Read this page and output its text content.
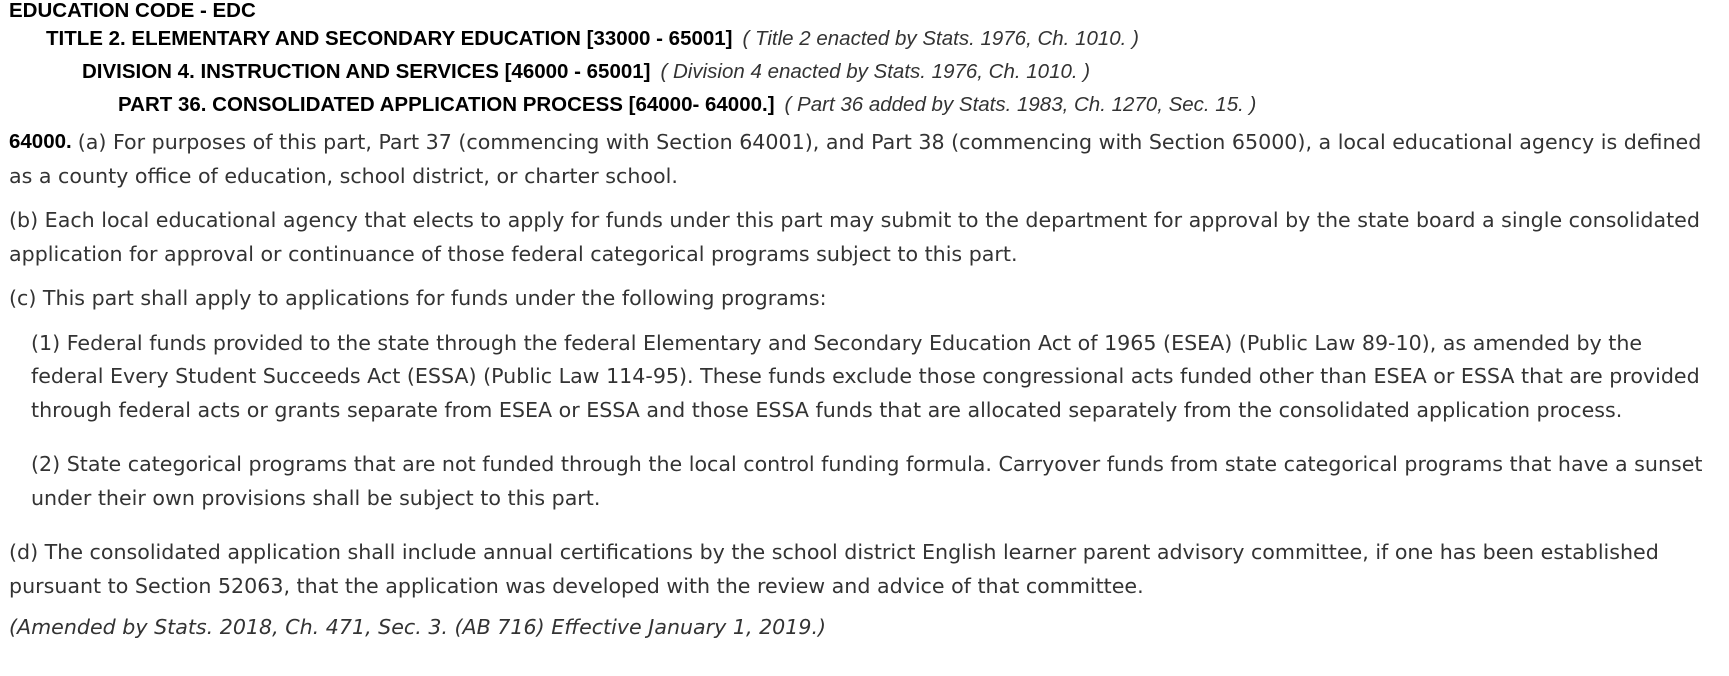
EDUCATION CODE - EDC
TITLE 2. ELEMENTARY AND SECONDARY EDUCATION [33000 - 65001] ( Title 2 enacted by Stats. 1976, Ch. 1010. )
DIVISION 4. INSTRUCTION AND SERVICES [46000 - 65001] ( Division 4 enacted by Stats. 1976, Ch. 1010. )
PART 36. CONSOLIDATED APPLICATION PROCESS [64000- 64000.] ( Part 36 added by Stats. 1983, Ch. 1270, Sec. 15. )

64000. (a) For purposes of this part, Part 37 (commencing with Section 64001), and Part 38 (commencing with Section 65000), a local educational agency is defined as a county office of education, school district, or charter school.

(b) Each local educational agency that elects to apply for funds under this part may submit to the department for approval by the state board a single consolidated application for approval or continuance of those federal categorical programs subject to this part.

(c) This part shall apply to applications for funds under the following programs:

(1) Federal funds provided to the state through the federal Elementary and Secondary Education Act of 1965 (ESEA) (Public Law 89-10), as amended by the federal Every Student Succeeds Act (ESSA) (Public Law 114-95). These funds exclude those congressional acts funded other than ESEA or ESSA that are provided through federal acts or grants separate from ESEA or ESSA and those ESSA funds that are allocated separately from the consolidated application process.

(2) State categorical programs that are not funded through the local control funding formula. Carryover funds from state categorical programs that have a sunset under their own provisions shall be subject to this part.

(d) The consolidated application shall include annual certifications by the school district English learner parent advisory committee, if one has been established pursuant to Section 52063, that the application was developed with the review and advice of that committee.

(Amended by Stats. 2018, Ch. 471, Sec. 3. (AB 716) Effective January 1, 2019.)
